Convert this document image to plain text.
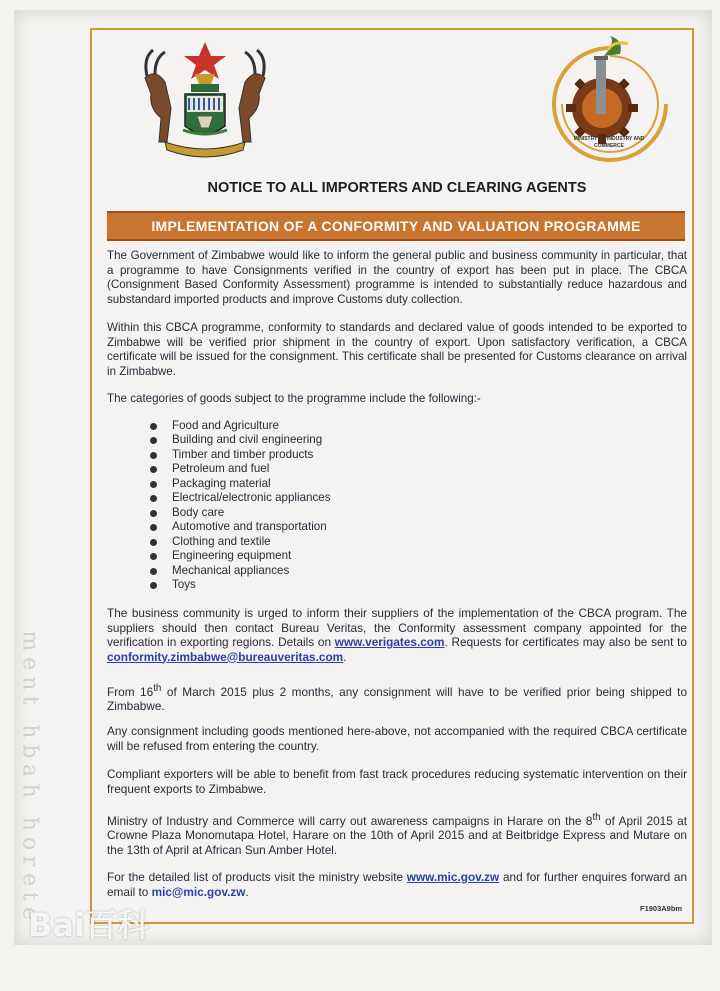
ǝʇǝɹoɥ ɥɐqɥ ʇuǝɯ
MINISTRY OF INDUSTRY AND COMMERCE
NOTICE TO ALL IMPORTERS AND CLEARING AGENTS
IMPLEMENTATION OF A CONFORMITY AND VALUATION PROGRAMME
The Government of Zimbabwe would like to inform the general public and business community in particular, that a programme to have Consignments verified in the country of export has been put in place. The CBCA (Consignment Based Conformity Assessment) programme is intended to substantially reduce hazardous and substandard imported products and improve Customs duty collection.
Within this CBCA programme, conformity to standards and declared value of goods intended to be exported to Zimbabwe will be verified prior shipment in the country of export. Upon satisfactory verification, a CBCA certificate will be issued for the consignment. This certificate shall be presented for Customs clearance on arrival in Zimbabwe.
The categories of goods subject to the programme include the following:-
Food and Agriculture
Building and civil engineering
Timber and timber products
Petroleum and fuel
Packaging material
Electrical/electronic appliances
Body care
Automotive and transportation
Clothing and textile
Engineering equipment
Mechanical appliances
Toys
The business community is urged to inform their suppliers of the implementation of the CBCA program. The suppliers should then contact Bureau Veritas, the Conformity assessment company appointed for the verification in exporting regions. Details on www.verigates.com. Requests for certificates may also be sent to conformity.zimbabwe@bureauveritas.com.
From 16th of March 2015 plus 2 months, any consignment will have to be verified prior being shipped to Zimbabwe.
Any consignment including goods mentioned here-above, not accompanied with the required CBCA certificate will be refused from entering the country.
Compliant exporters will be able to benefit from fast track procedures reducing systematic intervention on their frequent exports to Zimbabwe.
Ministry of Industry and Commerce will carry out awareness campaigns in Harare on the 8th of April 2015 at Crowne Plaza Monomutapa Hotel, Harare on the 10th of April 2015 and at Beitbridge Express and Mutare on the 13th of April at African Sun Amber Hotel.
For the detailed list of products visit the ministry website www.mic.gov.zw and for further enquires forward an email to mic@mic.gov.zw.
F1903A9bm
Bai百科
